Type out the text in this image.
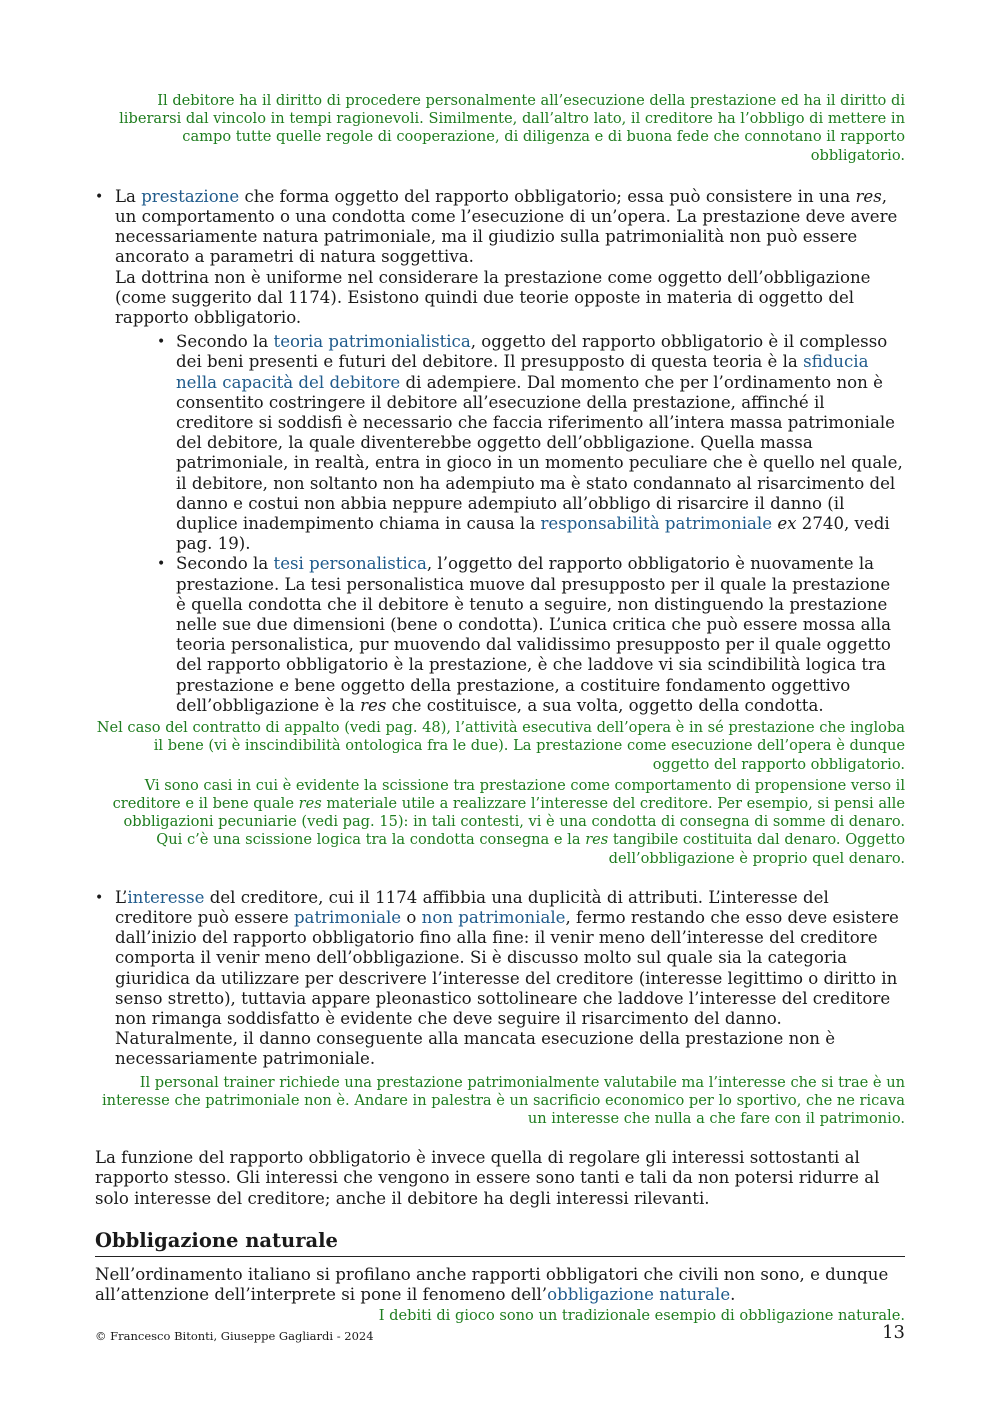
Il debitore ha il diritto di procedere personalmente all’esecuzione della prestazione ed ha il diritto di liberarsi dal vincolo in tempi ragionevoli. Similmente, dall’altro lato, il creditore ha l’obbligo di mettere in campo tutte quelle regole di cooperazione, di diligenza e di buona fede che connotano il rapporto obbligatorio.

• La prestazione che forma oggetto del rapporto obbligatorio; essa può consistere in una res, un comportamento o una condotta come l’esecuzione di un’opera. La prestazione deve avere necessariamente natura patrimoniale, ma il giudizio sulla patrimonialità non può essere ancorato a parametri di natura soggettiva.

La dottrina non è uniforme nel considerare la prestazione come oggetto dell’obbligazione (come suggerito dal 1174). Esistono quindi due teorie opposte in materia di oggetto del rapporto obbligatorio.

• Secondo la teoria patrimonialistica, oggetto del rapporto obbligatorio è il complesso dei beni presenti e futuri del debitore. Il presupposto di questa teoria è la sfiducia nella capacità del debitore di adempiere. Dal momento che per l’ordinamento non è consentito costringere il debitore all’esecuzione della prestazione, affinché il creditore si soddisfi è necessario che faccia riferimento all’intera massa patrimoniale del debitore, la quale diventerebbe oggetto dell’obbligazione. Quella massa patrimoniale, in realtà, entra in gioco in un momento peculiare che è quello nel quale, il debitore, non soltanto non ha adempiuto ma è stato condannato al risarcimento del danno e costui non abbia neppure adempiuto all’obbligo di risarcire il danno (il duplice inadempimento chiama in causa la responsabilità patrimoniale ex 2740, vedi pag. 19).

• Secondo la tesi personalistica, l’oggetto del rapporto obbligatorio è nuovamente la prestazione. La tesi personalistica muove dal presupposto per il quale la prestazione è quella condotta che il debitore è tenuto a seguire, non distinguendo la prestazione nelle sue due dimensioni (bene o condotta). L’unica critica che può essere mossa alla teoria personalistica, pur muovendo dal validissimo presupposto per il quale oggetto del rapporto obbligatorio è la prestazione, è che laddove vi sia scindibilità logica tra prestazione e bene oggetto della prestazione, a costituire fondamento oggettivo dell’obbligazione è la res che costituisce, a sua volta, oggetto della condotta.

Nel caso del contratto di appalto (vedi pag. 48), l’attività esecutiva dell’opera è in sé prestazione che ingloba il bene (vi è inscindibilità ontologica fra le due). La prestazione come esecuzione dell’opera è dunque oggetto del rapporto obbligatorio.

Vi sono casi in cui è evidente la scissione tra prestazione come comportamento di propensione verso il creditore e il bene quale res materiale utile a realizzare l’interesse del creditore. Per esempio, si pensi alle obbligazioni pecuniarie (vedi pag. 15): in tali contesti, vi è una condotta di consegna di somme di denaro. Qui c’è una scissione logica tra la condotta consegna e la res tangibile costituita dal denaro. Oggetto dell’obbligazione è proprio quel denaro.

• L’interesse del creditore, cui il 1174 affibbia una duplicità di attributi. L’interesse del creditore può essere patrimoniale o non patrimoniale, fermo restando che esso deve esistere dall’inizio del rapporto obbligatorio fino alla fine: il venir meno dell’interesse del creditore comporta il venir meno dell’obbligazione. Si è discusso molto sul quale sia la categoria giuridica da utilizzare per descrivere l’interesse del creditore (interesse legittimo o diritto in senso stretto), tuttavia appare pleonastico sottolineare che laddove l’interesse del creditore non rimanga soddisfatto è evidente che deve seguire il risarcimento del danno. Naturalmente, il danno conseguente alla mancata esecuzione della prestazione non è necessariamente patrimoniale.

Il personal trainer richiede una prestazione patrimonialmente valutabile ma l’interesse che si trae è un interesse che patrimoniale non è. Andare in palestra è un sacrificio economico per lo sportivo, che ne ricava un interesse che nulla a che fare con il patrimonio.

La funzione del rapporto obbligatorio è invece quella di regolare gli interessi sottostanti al rapporto stesso. Gli interessi che vengono in essere sono tanti e tali da non potersi ridurre al solo interesse del creditore; anche il debitore ha degli interessi rilevanti.

Obbligazione naturale

Nell’ordinamento italiano si profilano anche rapporti obbligatori che civili non sono, e dunque all’attenzione dell’interprete si pone il fenomeno dell’obbligazione naturale.

I debiti di gioco sono un tradizionale esempio di obbligazione naturale.

© Francesco Bitonti, Giuseppe Gagliardi - 2024	13
